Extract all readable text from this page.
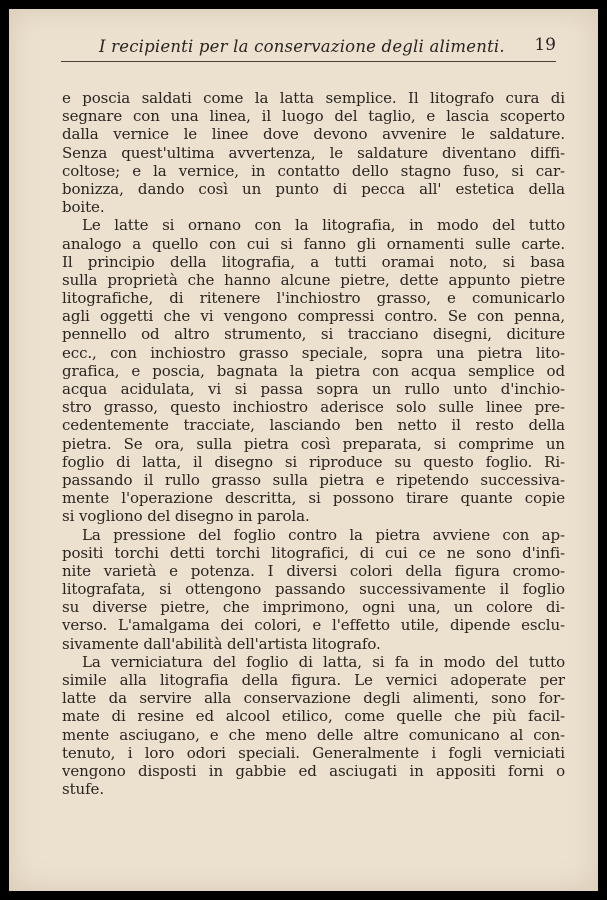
I recipienti per la conservazione degli alimenti. 19
e poscia saldati come la latta semplice. Il litografo cura di
segnare con una linea, il luogo del taglio, e lascia scoperto
dalla vernice le linee dove devono avvenire le saldature.
Senza quest'ultima avvertenza, le saldature diventano diffi-
coltose; e la vernice, in contatto dello stagno fuso, si car-
bonizza, dando così un punto di pecca all' estetica della
boite.
Le latte si ornano con la litografia, in modo del tutto
analogo a quello con cui si fanno gli ornamenti sulle carte.
Il principio della litografia, a tutti oramai noto, si basa
sulla proprietà che hanno alcune pietre, dette appunto pietre
litografiche, di ritenere l'inchiostro grasso, e comunicarlo
agli oggetti che vi vengono compressi contro. Se con penna,
pennello od altro strumento, si tracciano disegni, diciture
ecc., con inchiostro grasso speciale, sopra una pietra lito-
grafica, e poscia, bagnata la pietra con acqua semplice od
acqua acidulata, vi si passa sopra un rullo unto d'inchio-
stro grasso, questo inchiostro aderisce solo sulle linee pre-
cedentemente tracciate, lasciando ben netto il resto della
pietra. Se ora, sulla pietra così preparata, si comprime un
foglio di latta, il disegno si riproduce su questo foglio. Ri-
passando il rullo grasso sulla pietra e ripetendo successiva-
mente l'operazione descritta, si possono tirare quante copie
si vogliono del disegno in parola.
La pressione del foglio contro la pietra avviene con ap-
positi torchi detti torchi litografici, di cui ce ne sono d'infi-
nite varietà e potenza. I diversi colori della figura cromo-
litografata, si ottengono passando successivamente il foglio
su diverse pietre, che imprimono, ogni una, un colore di-
verso. L'amalgama dei colori, e l'effetto utile, dipende esclu-
sivamente dall'abilità dell'artista litografo.
La verniciatura del foglio di latta, si fa in modo del tutto
simile alla litografia della figura. Le vernici adoperate per
latte da servire alla conservazione degli alimenti, sono for-
mate di resine ed alcool etilico, come quelle che più facil-
mente asciugano, e che meno delle altre comunicano al con-
tenuto, i loro odori speciali. Generalmente i fogli verniciati
vengono disposti in gabbie ed asciugati in appositi forni o
stufe.
